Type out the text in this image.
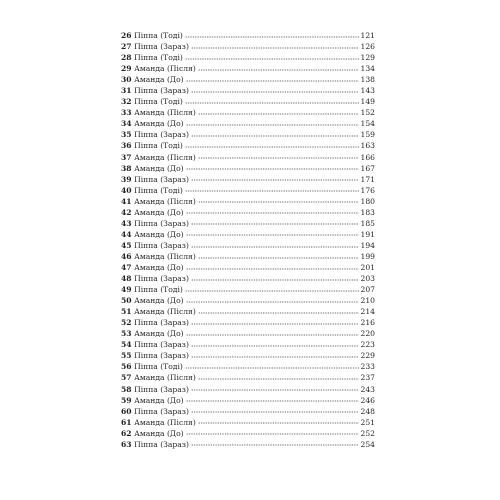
26 Піппа (Тоді)	121
27 Піппа (Зараз)	126
28 Піппа (Тоді)	129
29 Аманда (Після)	134
30 Аманда (До)	138
31 Піппа (Зараз)	143
32 Піппа (Тоді)	149
33 Аманда (Після)	152
34 Аманда (До)	154
35 Піппа (Зараз)	159
36 Піппа (Тоді)	163
37 Аманда (Після)	166
38 Аманда (До)	167
39 Піппа (Зараз)	171
40 Піппа (Тоді)	176
41 Аманда (Після)	180
42 Аманда (До)	183
43 Піппа (Зараз)	185
44 Аманда (До)	191
45 Піппа (Зараз)	194
46 Аманда (Після)	199
47 Аманда (До)	201
48 Піппа (Зараз)	203
49 Піппа (Тоді)	207
50 Аманда (До)	210
51 Аманда (Після)	214
52 Піппа (Зараз)	216
53 Аманда (До)	220
54 Піппа (Зараз)	223
55 Піппа (Зараз)	229
56 Піппа (Тоді)	233
57 Аманда (Після)	237
58 Піппа (Зараз)	243
59 Аманда (До)	246
60 Піппа (Зараз)	248
61 Аманда (Після)	251
62 Аманда (До)	252
63 Піппа (Зараз)	254
